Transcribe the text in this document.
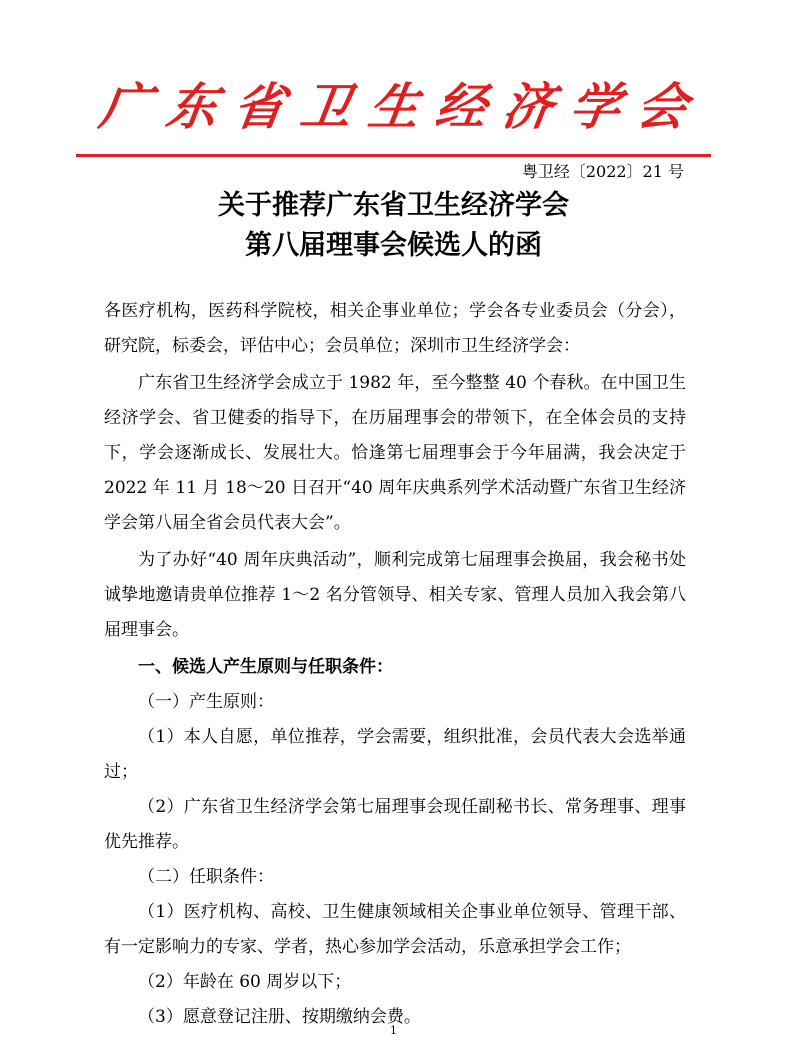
广 东 省 卫 生 经 济 学 会
粤卫经〔2022〕21 号
关于推荐广东省卫生经济学会
第八届理事会候选人的函

各医疗机构，医药科学院校，相关企事业单位；学会各专业委员会（分会），研究院，标委会，评估中心；会员单位；深圳市卫生经济学会：

广东省卫生经济学会成立于 1982 年，至今整整 40 个春秋。在中国卫生经济学会、省卫健委的指导下，在历届理事会的带领下，在全体会员的支持下，学会逐渐成长、发展壮大。恰逢第七届理事会于今年届满，我会决定于 2022 年 11 月 18～20 日召开“40 周年庆典系列学术活动暨广东省卫生经济学会第八届全省会员代表大会”。

为了办好“40 周年庆典活动”，顺利完成第七届理事会换届，我会秘书处诚挚地邀请贵单位推荐 1～2 名分管领导、相关专家、管理人员加入我会第八届理事会。

一、候选人产生原则与任职条件：

（一）产生原则：

（1）本人自愿，单位推荐，学会需要，组织批准，会员代表大会选举通过；

（2）广东省卫生经济学会第七届理事会现任副秘书长、常务理事、理事优先推荐。

（二）任职条件：

（1）医疗机构、高校、卫生健康领域相关企事业单位领导、管理干部、有一定影响力的专家、学者，热心参加学会活动，乐意承担学会工作；

（2）年龄在 60 周岁以下；

（3）愿意登记注册、按期缴纳会费。

1
